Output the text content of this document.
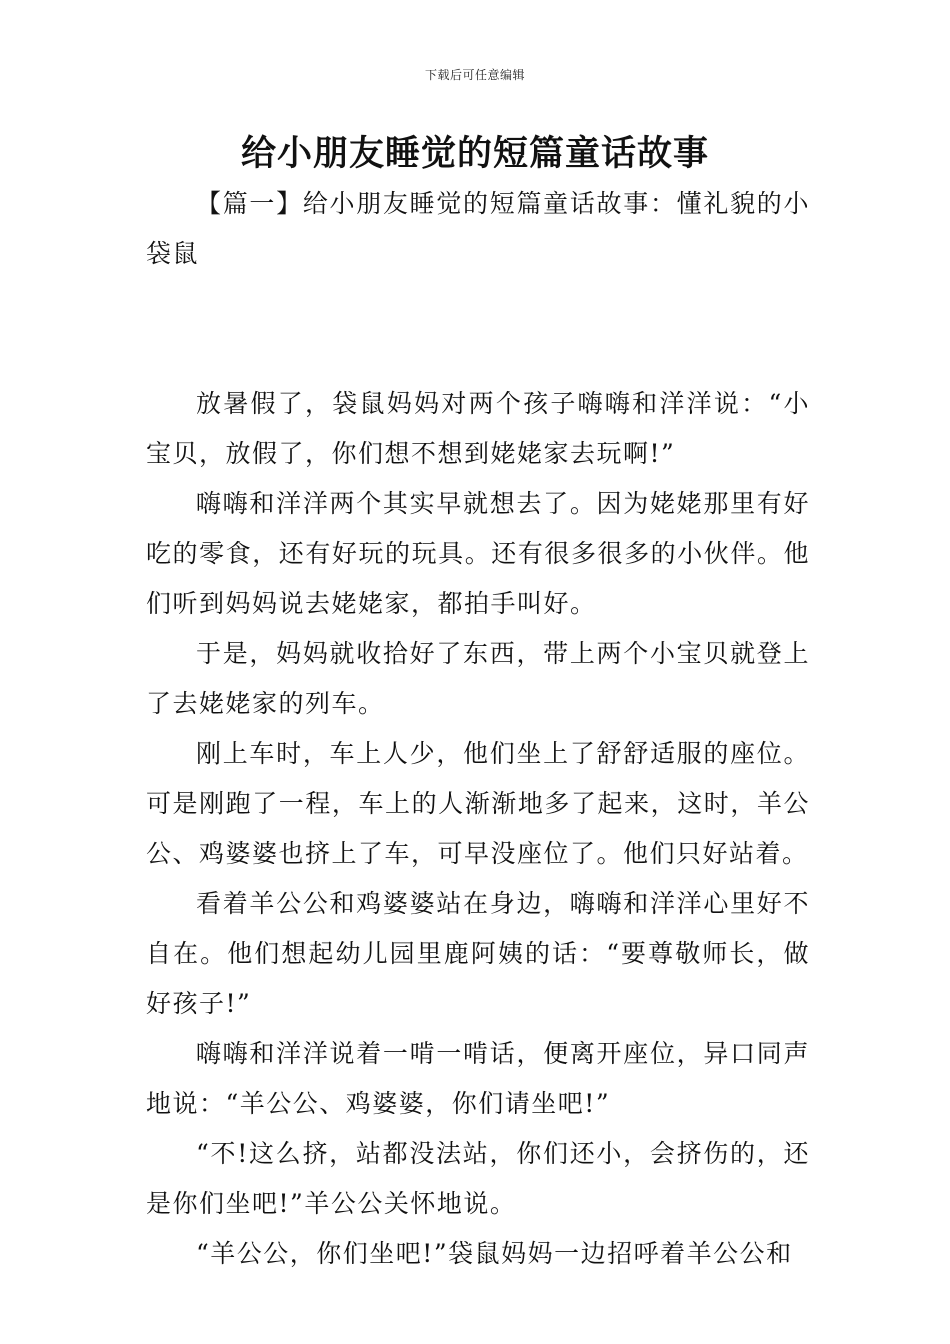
下载后可任意编辑
给小朋友睡觉的短篇童话故事

【篇一】给小朋友睡觉的短篇童话故事：懂礼貌的小袋鼠

放暑假了，袋鼠妈妈对两个孩子嗨嗨和洋洋说：“小宝贝，放假了，你们想不想到姥姥家去玩啊!”

嗨嗨和洋洋两个其实早就想去了。因为姥姥那里有好吃的零食，还有好玩的玩具。还有很多很多的小伙伴。他们听到妈妈说去姥姥家，都拍手叫好。

于是，妈妈就收拾好了东西，带上两个小宝贝就登上了去姥姥家的列车。

刚上车时，车上人少，他们坐上了舒舒适服的座位。可是刚跑了一程，车上的人渐渐地多了起来，这时，羊公公、鸡婆婆也挤上了车，可早没座位了。他们只好站着。

看着羊公公和鸡婆婆站在身边，嗨嗨和洋洋心里好不自在。他们想起幼儿园里鹿阿姨的话：“要尊敬师长，做好孩子!”

嗨嗨和洋洋说着一啃一啃话，便离开座位，异口同声地说：“羊公公、鸡婆婆，你们请坐吧!”

“不!这么挤，站都没法站，你们还小，会挤伤的，还是你们坐吧!”羊公公关怀地说。

“羊公公，你们坐吧!”袋鼠妈妈一边招呼着羊公公和
